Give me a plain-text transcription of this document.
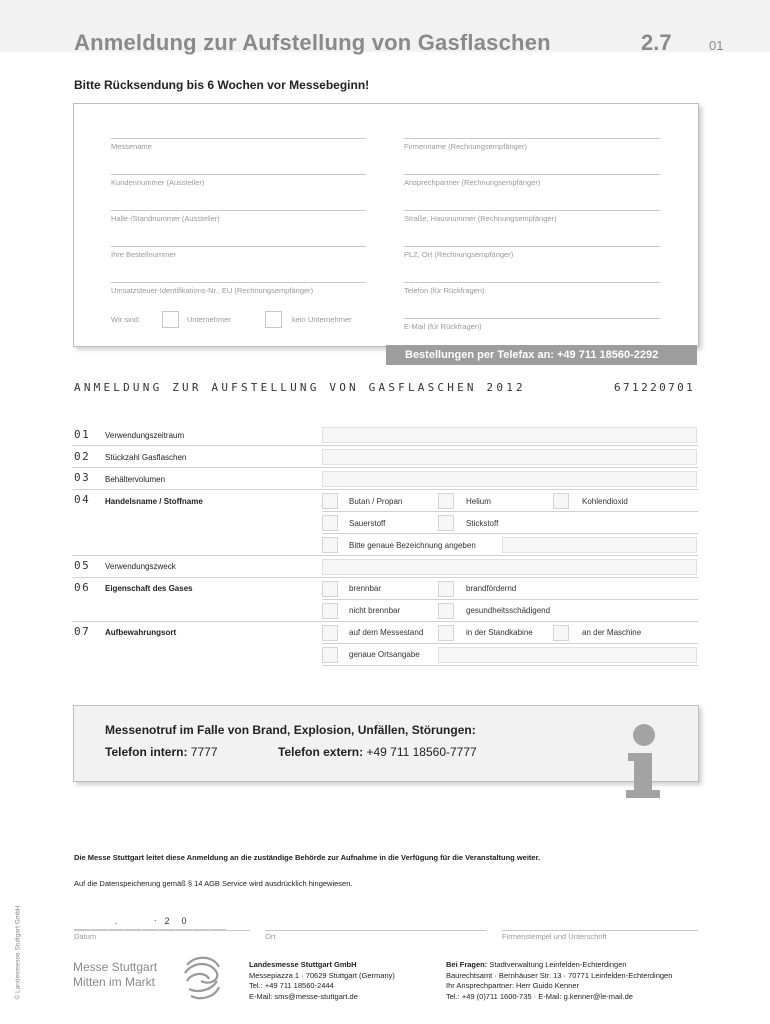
Anmeldung zur Aufstellung von Gasflaschen	2.7	01
Bitte Rücksendung bis 6 Wochen vor Messebeginn!
Messename
Kundennummer (Aussteller)
Halle-/Standnummer (Aussteller)
Ihre Bestellnummer
Umsatzsteuer-Identifikations-Nr., EU (Rechnungsempfänger)
Firmenname (Rechnungsempfänger)
Ansprechpartner (Rechnungsempfänger)
Straße, Hausnummer (Rechnungsempfänger)
PLZ, Ort (Rechnungsempfänger)
Telefon (für Rückfragen)
E-Mail (für Rückfragen)
Wir sind:	Unternehmer	kein Unternehmer
Bestellungen per Telefax an: +49 711 18560-2292
ANMELDUNG ZUR AUFSTELLUNG VON GASFLASCHEN 2012	671220701
01 Verwendungszeitraum
02 Stückzahl Gasflaschen
03 Behältervolumen
04 Handelsname / Stoffname	Butan / Propan	Helium	Kohlendioxid
Sauerstoff	Stickstoff
Bitte genaue Bezeichnung angeben
05 Verwendungszweck
06 Eigenschaft des Gases	brennbar	brandfördernd
nicht brennbar	gesundheitsschädigend
07 Aufbewahrungsort	auf dem Messestand	in der Standkabine	an der Maschine
genaue Ortsangabe
Messenotruf im Falle von Brand, Explosion, Unfällen, Störungen:
Telefon intern: 7777	Telefon extern: +49 711 18560-7777
Die Messe Stuttgart leitet diese Anmeldung an die zuständige Behörde zur Aufnahme in die Verfügung für die Veranstaltung weiter.
Auf die Datenspeicherung gemäß § 14 AGB Service wird ausdrücklich hingewiesen.
.	2	0
.
Datum	Ort	Firmenstempel und Unterschrift
© Landesmesse Stuttgart GmbH	Messe Stuttgart
Mitten im Markt
Landesmesse Stuttgart GmbH
Messepiazza 1 · 70629 Stuttgart (Germany)
Tel.: +49 711 18560-2444
E-Mail: sms@messe-stuttgart.de
Bei Fragen: Stadtverwaltung Leinfelden-Echterdingen
Baurechtsamt · Bernhäuser Str. 13 · 70771 Leinfelden-Echterdingen
Ihr Ansprechpartner: Herr Guido Kenner
Tel.: +49 (0)711 1600-735 · E-Mail: g.kenner@le-mail.de
